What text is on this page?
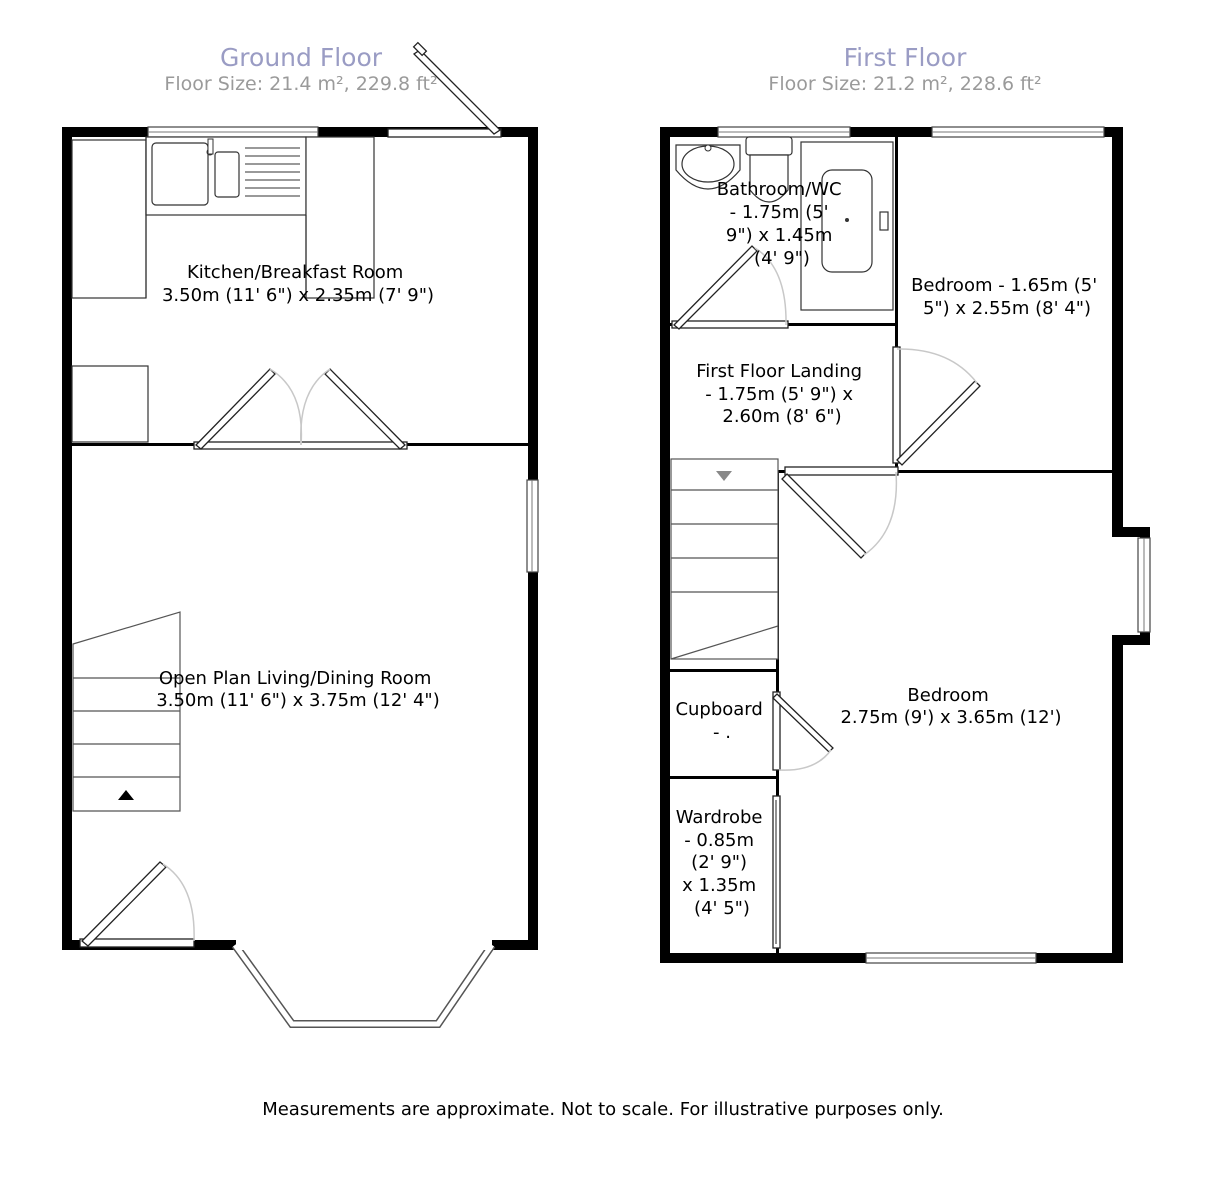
Ground Floor
Floor Size: 21.4 m², 229.8 ft²
Kitchen/Breakfast Room 3.50m (11' 6") x 2.35m (7' 9")
Open Plan Living/Dining Room 3.50m (11' 6") x 3.75m (12' 4")
First Floor
Floor Size: 21.2 m², 228.6 ft²
Bathroom/WC - 1.75m (5' 9") x 1.45m (4' 9")
Bedroom - 1.65m (5' 5") x 2.55m (8' 4")
First Floor Landing - 1.75m (5' 9") x 2.60m (8' 6")
Cupboard - .
Bedroom 2.75m (9') x 3.65m (12')
Wardrobe - 0.85m (2' 9") x 1.35m (4' 5")
Measurements are approximate. Not to scale. For illustrative purposes only.
